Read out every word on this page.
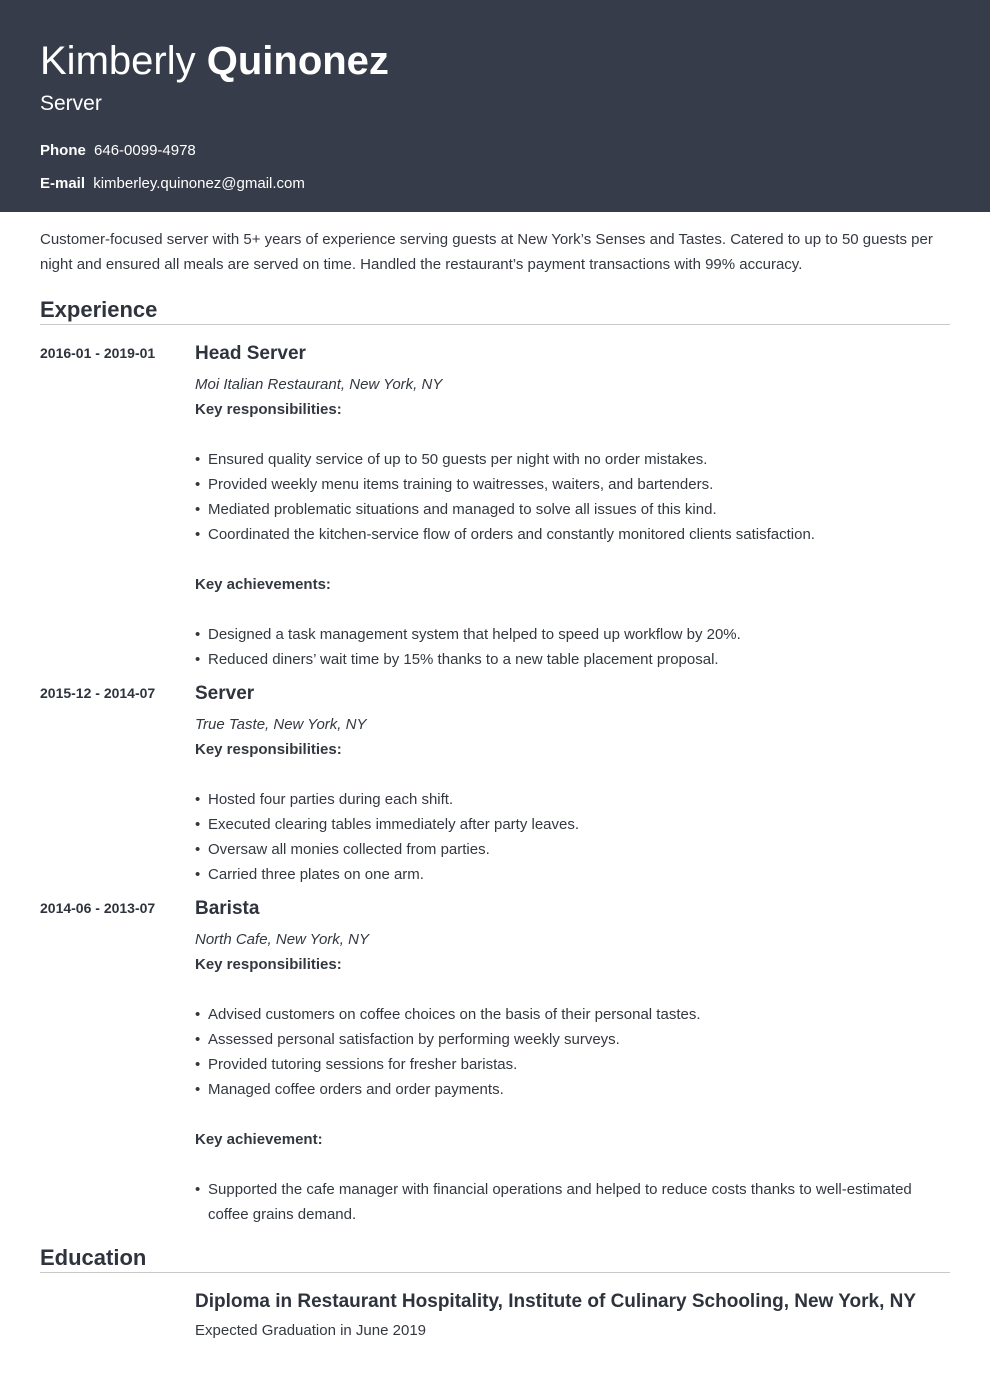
Kimberly Quinonez
Server
Phone 646-0099-4978
E-mail kimberley.quinonez@gmail.com

Customer-focused server with 5+ years of experience serving guests at New York’s Senses and Tastes. Catered to up to 50 guests per night and ensured all meals are served on time. Handled the restaurant’s payment transactions with 99% accuracy.

Experience
2016-01 - 2019-01	Head Server
Moi Italian Restaurant, New York, NY
Key responsibilities:
• Ensured quality service of up to 50 guests per night with no order mistakes.
• Provided weekly menu items training to waitresses, waiters, and bartenders.
• Mediated problematic situations and managed to solve all issues of this kind.
• Coordinated the kitchen-service flow of orders and constantly monitored clients satisfaction.
Key achievements:
• Designed a task management system that helped to speed up workflow by 20%.
• Reduced diners’ wait time by 15% thanks to a new table placement proposal.
2015-12 - 2014-07	Server
True Taste, New York, NY
Key responsibilities:
• Hosted four parties during each shift.
• Executed clearing tables immediately after party leaves.
• Oversaw all monies collected from parties.
• Carried three plates on one arm.
2014-06 - 2013-07	Barista
North Cafe, New York, NY
Key responsibilities:
• Advised customers on coffee choices on the basis of their personal tastes.
• Assessed personal satisfaction by performing weekly surveys.
• Provided tutoring sessions for fresher baristas.
• Managed coffee orders and order payments.
Key achievement:
• Supported the cafe manager with financial operations and helped to reduce costs thanks to well-estimated coffee grains demand.
Education
Diploma in Restaurant Hospitality, Institute of Culinary Schooling, New York, NY
Expected Graduation in June 2019
